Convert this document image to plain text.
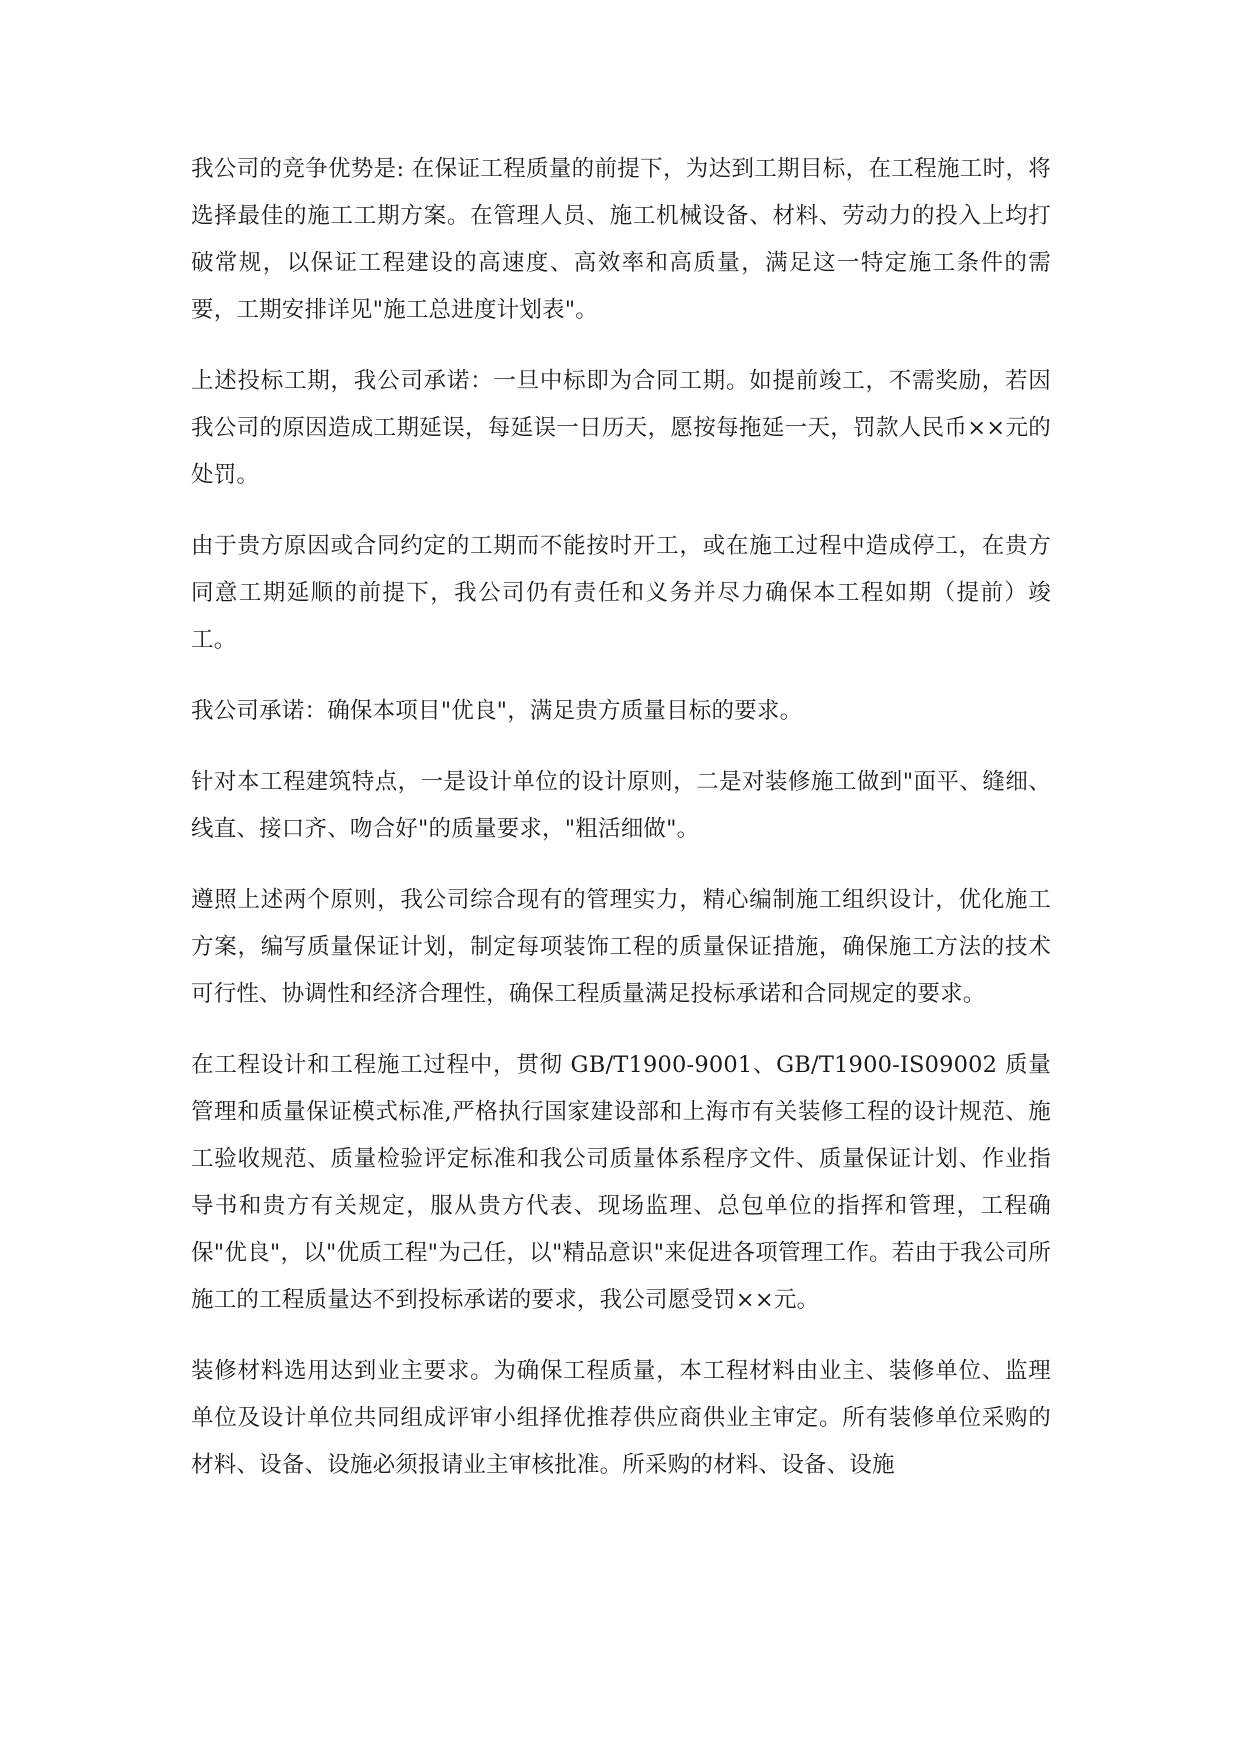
我公司的竞争优势是: 在保证工程质量的前提下，为达到工期目标，在工程施工时，将选择最佳的施工工期方案。在管理人员、施工机械设备、材料、劳动力的投入上均打破常规，以保证工程建设的高速度、高效率和高质量，满足这一特定施工条件的需要，工期安排详见"施工总进度计划表"。

上述投标工期，我公司承诺：一旦中标即为合同工期。如提前竣工，不需奖励，若因我公司的原因造成工期延误，每延误一日历天，愿按每拖延一天，罚款人民币××元的处罚。

由于贵方原因或合同约定的工期而不能按时开工，或在施工过程中造成停工，在贵方同意工期延顺的前提下，我公司仍有责任和义务并尽力确保本工程如期（提前）竣工。

我公司承诺：确保本项目"优良"，满足贵方质量目标的要求。

针对本工程建筑特点，一是设计单位的设计原则，二是对装修施工做到"面平、缝细、线直、接口齐、吻合好"的质量要求，"粗活细做"。

遵照上述两个原则，我公司综合现有的管理实力，精心编制施工组织设计，优化施工方案，编写质量保证计划，制定每项装饰工程的质量保证措施，确保施工方法的技术可行性、协调性和经济合理性，确保工程质量满足投标承诺和合同规定的要求。

在工程设计和工程施工过程中，贯彻 GB/T1900-9001、GB/T1900-IS09002 质量管理和质量保证模式标准,严格执行国家建设部和上海市有关装修工程的设计规范、施工验收规范、质量检验评定标准和我公司质量体系程序文件、质量保证计划、作业指导书和贵方有关规定，服从贵方代表、现场监理、总包单位的指挥和管理，工程确保"优良"，以"优质工程"为己任，以"精品意识"来促进各项管理工作。若由于我公司所施工的工程质量达不到投标承诺的要求，我公司愿受罚××元。

装修材料选用达到业主要求。为确保工程质量，本工程材料由业主、装修单位、监理单位及设计单位共同组成评审小组择优推荐供应商供业主审定。所有装修单位采购的材料、设备、设施必须报请业主审核批准。所采购的材料、设备、设施
